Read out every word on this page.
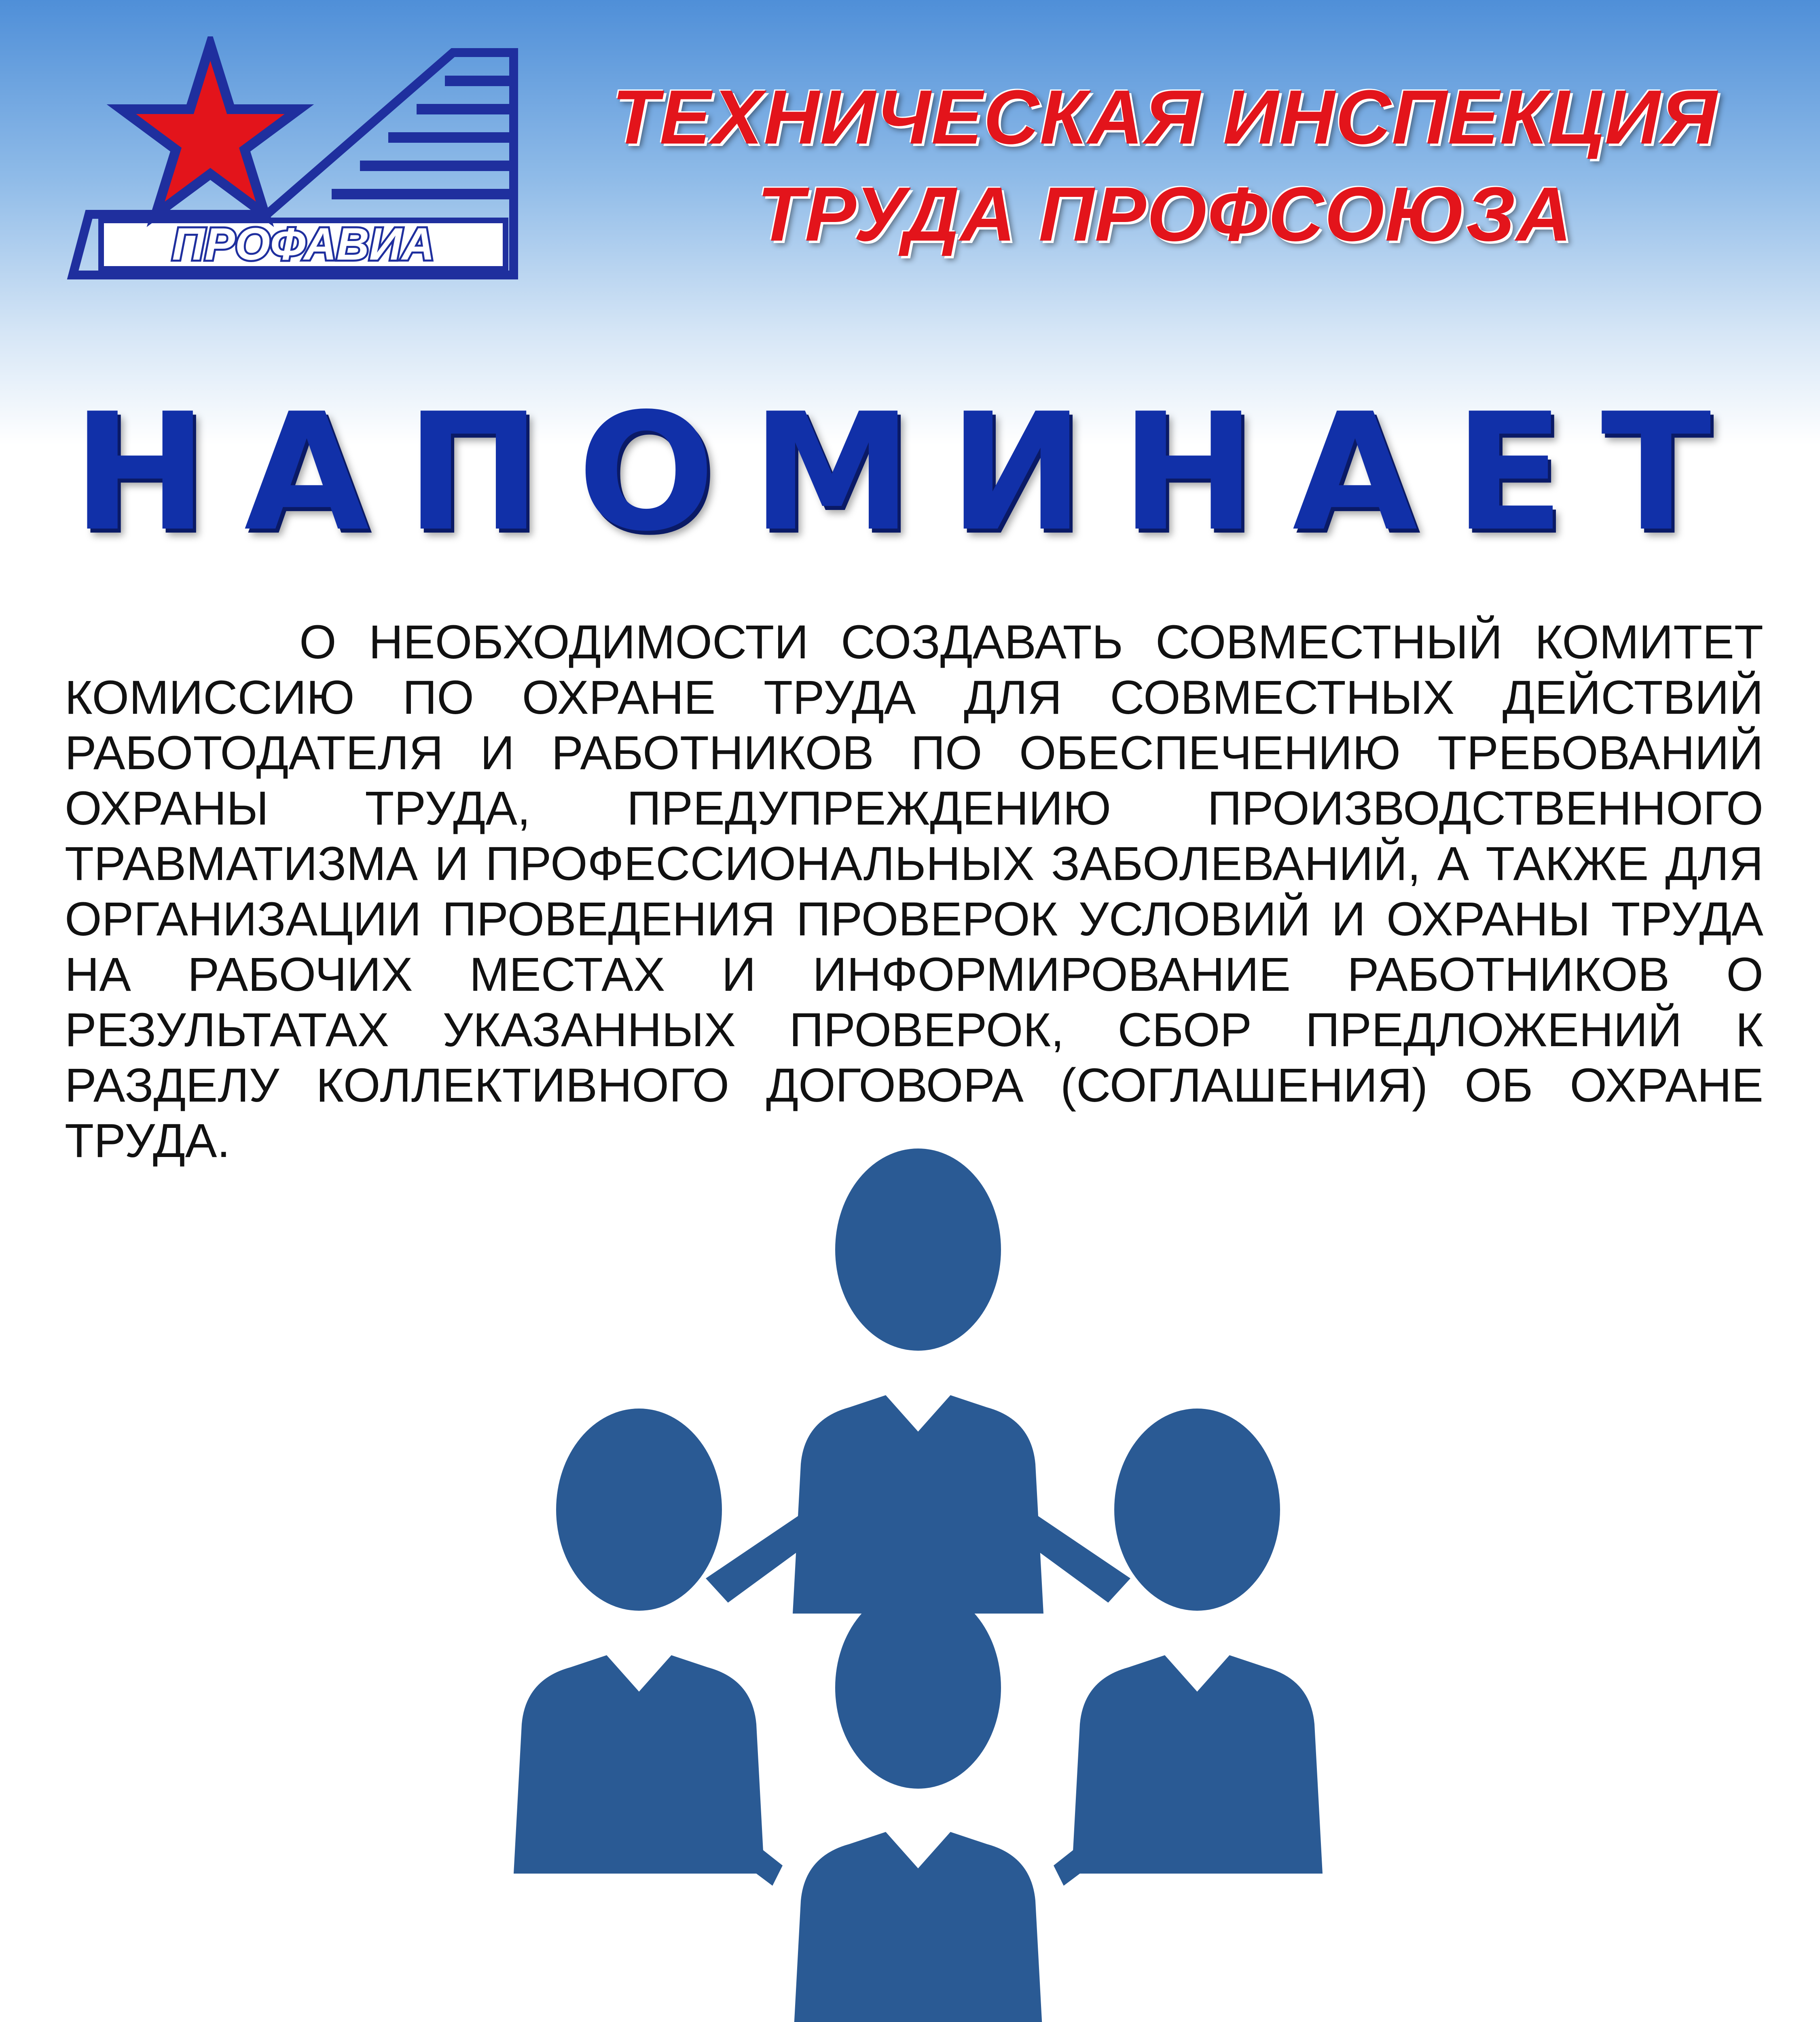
ПРОФАВИА
ТЕХНИЧЕСКАЯ ИНСПЕКЦИЯ
ТРУДА ПРОФСОЮЗА
НАПОМИНАЕТ
О НЕОБХОДИМОСТИ СОЗДАВАТЬ СОВМЕСТНЫЙ КОМИТЕТ КОМИССИЮ ПО ОХРАНЕ ТРУДА ДЛЯ СОВМЕСТНЫХ ДЕЙСТВИЙ РАБОТОДАТЕЛЯ И РАБОТНИКОВ ПО ОБЕСПЕЧЕНИЮ ТРЕБОВАНИЙ ОХРАНЫ ТРУДА, ПРЕДУПРЕЖДЕНИЮ ПРОИЗВОДСТВЕННОГО ТРАВМАТИЗМА И ПРОФЕССИОНАЛЬНЫХ ЗАБОЛЕВАНИЙ, А ТАКЖЕ ДЛЯ ОРГАНИЗАЦИИ ПРОВЕДЕНИЯ ПРОВЕРОК УСЛОВИЙ И ОХРАНЫ ТРУДА НА РАБОЧИХ МЕСТАХ И ИНФОРМИРОВАНИЕ РАБОТНИКОВ О РЕЗУЛЬТАТАХ УКАЗАННЫХ ПРОВЕРОК, СБОР ПРЕДЛОЖЕНИЙ К РАЗДЕЛУ КОЛЛЕКТИВНОГО ДОГОВОРА (СОГЛАШЕНИЯ) ОБ ОХРАНЕ ТРУДА.
